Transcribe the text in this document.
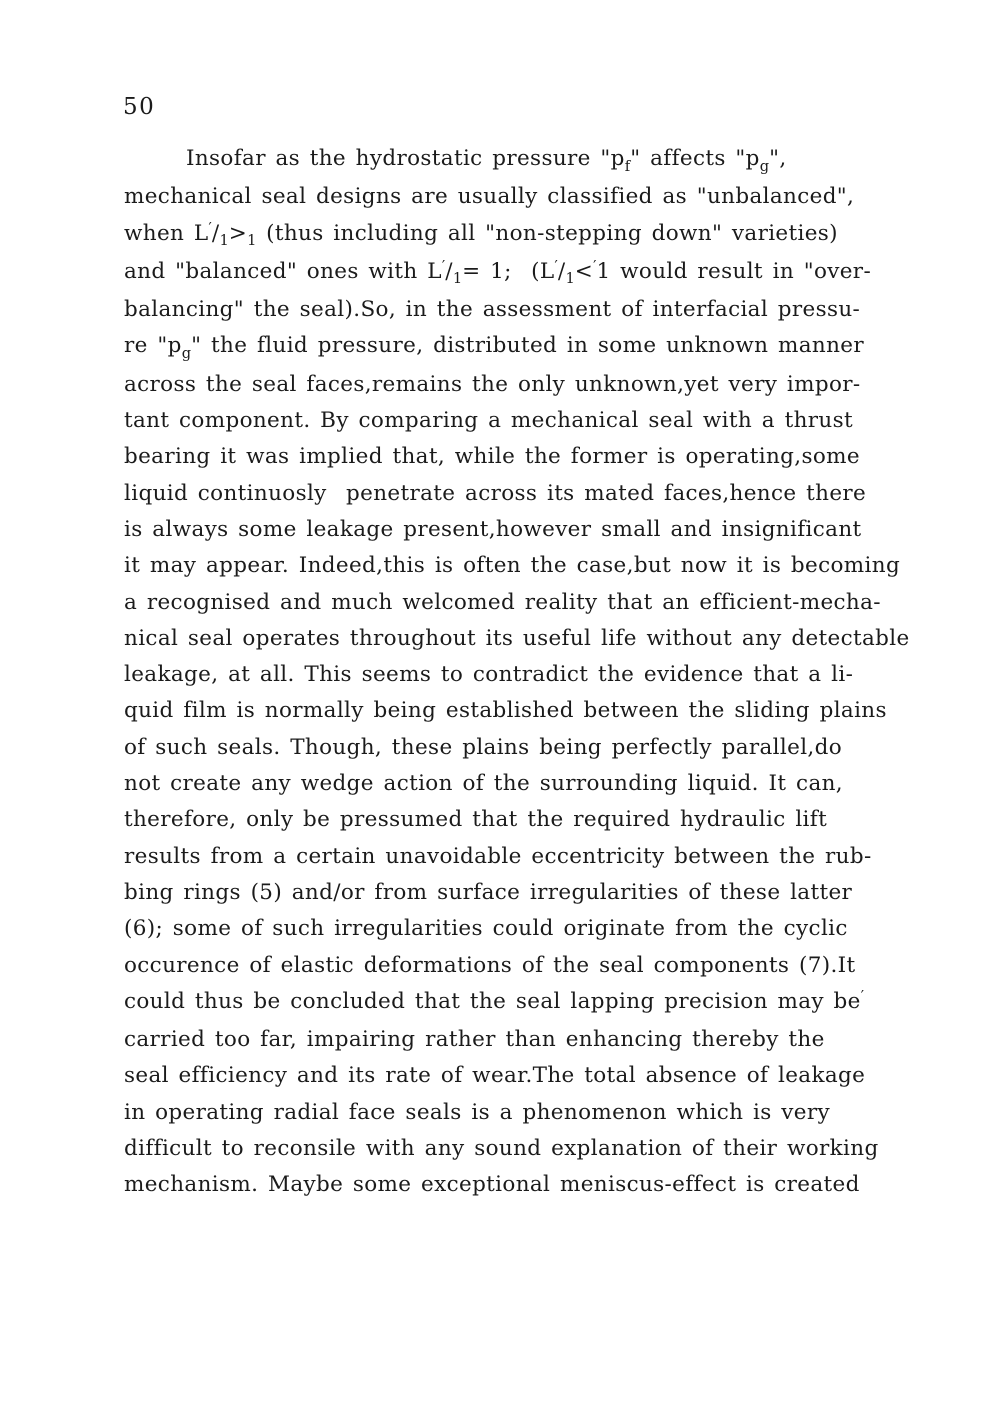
50
Insofar as the hydrostatic pressure "$p_f$" affects "$p_g$",
mechanical seal designs are usually classified as "unbalanced",
when $L'/_1>_1$ (thus including all "non-stepping down" varieties)
and "balanced" ones with $L'/_1= 1$;  ($L'/_1<'1$ would result in "over-
balancing" the seal).So, in the assessment of interfacial pressu-
re "$p_g$" the fluid pressure, distributed in some unknown manner
across the seal faces,remains the only unknown,yet very impor-
tant component. By comparing a mechanical seal with a thrust
bearing it was implied that, while the former is operating,some
liquid continuosly  penetrate across its mated faces,hence there
is always some leakage present,however small and insignificant
it may appear. Indeed,this is often the case,but now it is becoming
a recognised and much welcomed reality that an efficient-mecha-
nical seal operates throughout its useful life without any detectable
leakage, at all. This seems to contradict the evidence that a li-
quid film is normally being established between the sliding plains
of such seals. Though, these plains being perfectly parallel,do
not create any wedge action of the surrounding liquid. It can,
therefore, only be pressumed that the required hydraulic lift
results from a certain unavoidable eccentricity between the rub-
bing rings (5) and/or from surface irregularities of these latter
(6); some of such irregularities could originate from the cyclic
occurence of elastic deformations of the seal components (7).It
could thus be concluded that the seal lapping precision may be′
carried too far, impairing rather than enhancing thereby the
seal efficiency and its rate of wear.The total absence of leakage
in operating radial face seals is a phenomenon which is very
difficult to reconsile with any sound explanation of their working
mechanism. Maybe some exceptional meniscus-effect is created
